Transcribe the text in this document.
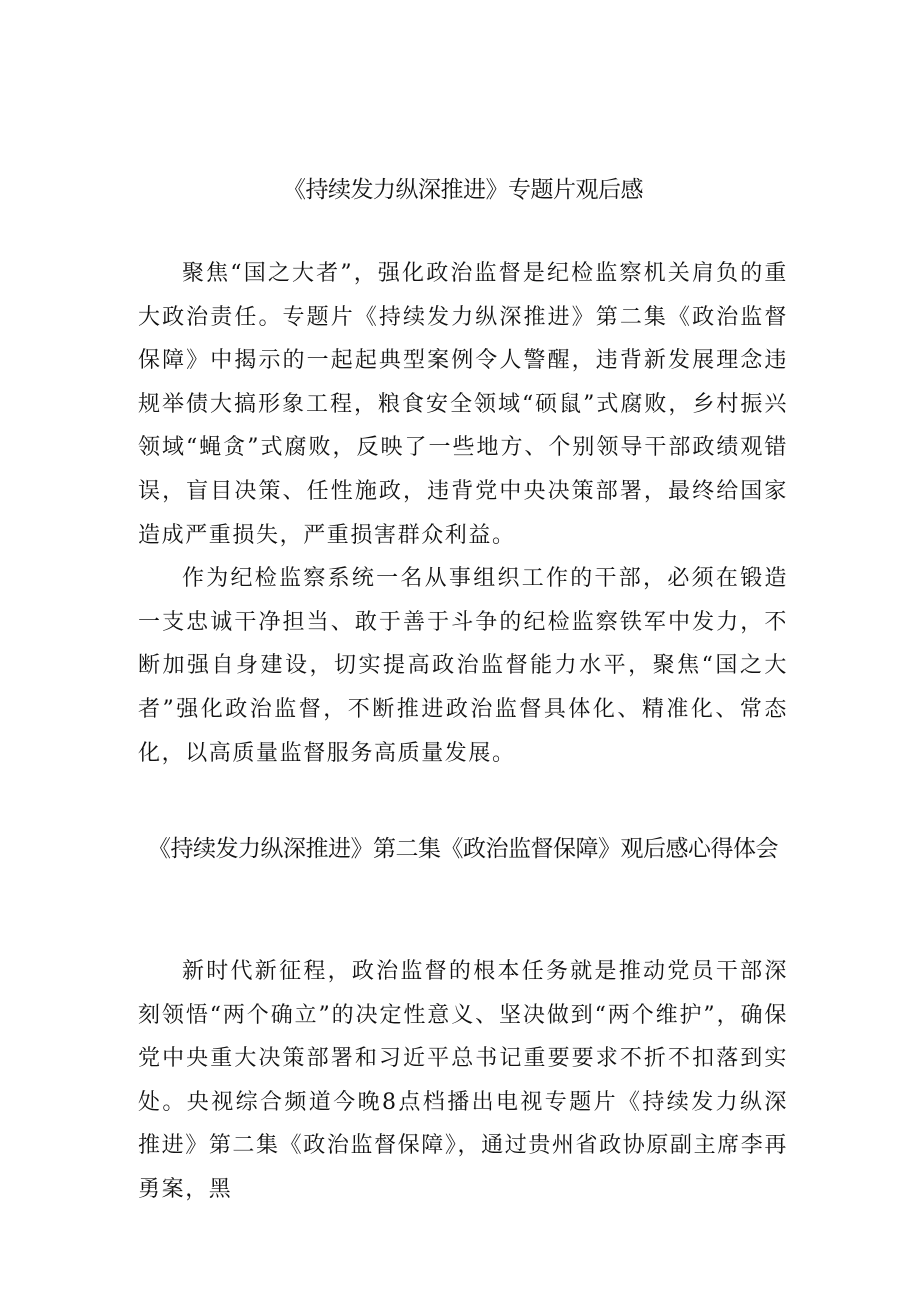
《持续发力纵深推进》专题片观后感

聚焦“国之大者”，强化政治监督是纪检监察机关肩负的重大政治责任。专题片《持续发力纵深推进》第二集《政治监督保障》中揭示的一起起典型案例令人警醒，违背新发展理念违规举债大搞形象工程，粮食安全领域“硕鼠”式腐败，乡村振兴领域“蝇贪”式腐败，反映了一些地方、个别领导干部政绩观错误，盲目决策、任性施政，违背党中央决策部署，最终给国家造成严重损失，严重损害群众利益。

作为纪检监察系统一名从事组织工作的干部，必须在锻造一支忠诚干净担当、敢于善于斗争的纪检监察铁军中发力，不断加强自身建设，切实提高政治监督能力水平，聚焦“国之大者”强化政治监督，不断推进政治监督具体化、精准化、常态化，以高质量监督服务高质量发展。

《持续发力纵深推进》第二集《政治监督保障》观后感心得体会

新时代新征程，政治监督的根本任务就是推动党员干部深刻领悟“两个确立”的决定性意义、坚决做到“两个维护”，确保党中央重大决策部署和习近平总书记重要要求不折不扣落到实处。央视综合频道今晚8点档播出电视专题片《持续发力纵深推进》第二集《政治监督保障》，通过贵州省政协原副主席李再勇案，黑
